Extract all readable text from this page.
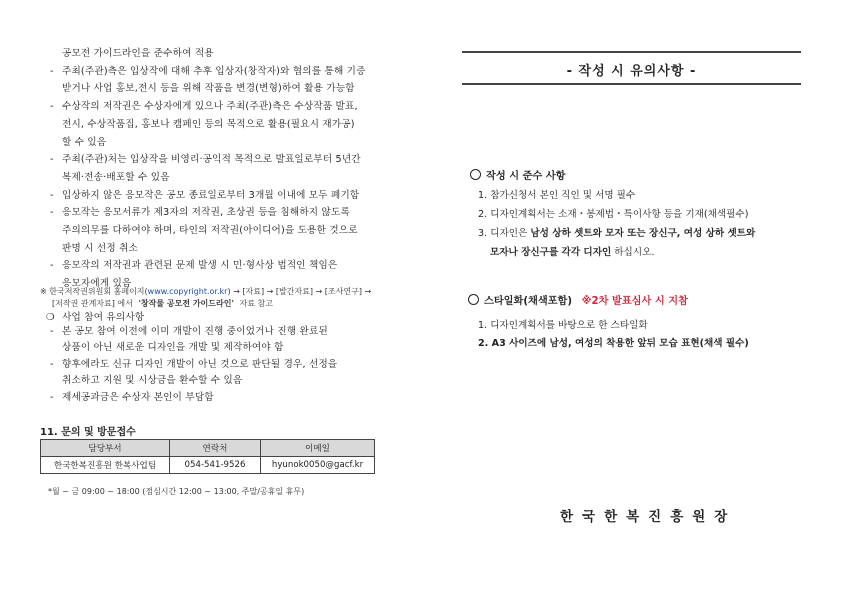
공모전 가이드라인을 준수하여 적용
- 주최(주관)측은 입상작에 대해 추후 입상자(창작자)와 협의를 통해 기증
받거나 사업 홍보,전시 등을 위해 작품을 변경(변형)하여 활용 가능함
- 수상작의 저작권은 수상자에게 있으나 주최(주관)측은 수상작품 발표,
전시, 수상작품집, 홍보나 캠페인 등의 목적으로 활용(필요시 재가공)
할 수 있음
- 주최(주관)처는 입상작을 비영리·공익적 목적으로 발표일로부터 5년간
복제·전송·배포할 수 있음
- 입상하지 않은 응모작은 공모 종료일로부터 3개월 이내에 모두 폐기함
- 응모작는 응모서류가 제3자의 저작권, 초상권 등을 침해하지 않도록
주의의무를 다하여야 하며, 타인의 저작권(아이디어)을 도용한 것으로
판명 시 선정 취소
- 응모작의 저작권과 관련된 문제 발생 시 민·형사상 법적인 책임은
응모자에게 있음
※ 한국저작권위원회 홈페이지(www.copyright.or.kr) → [자료] → [발간자료] → [조사연구] →
[저작권 관계자료] 에서 '창작물 공모전 가이드라인' 자료 참고
❍ 사업 참여 유의사항
- 본 공모 참여 이전에 이미 개발이 진행 중이었거나 진행 완료된
상품이 아닌 새로운 디자인을 개발 및 제작하여야 함
- 향후에라도 신규 디자인 개발이 아닌 것으로 판단될 경우, 선정을
취소하고 지원 및 시상금을 환수할 수 있음
- 제세공과금은 수상자 본인이 부담함
11. 문의 및 방문접수
담당부서	연락처	이메일
한국한복진흥원 한복사업팀	054-541-9526	hyunok0050@gacf.kr
*월 ~ 금 09:00 ~ 18:00 (점심시간 12:00 ~ 13:00, 주말/공휴일 휴무)
- 작성 시 유의사항 -
작성 시 준수 사항
1. 참가신청서 본인 직인 및 서명 필수
2. 디자인계획서는 소재・봉제법・특이사항 등을 기재(채색필수)
3. 디자인은 남성 상하 셋트와 모자 또는 장신구, 여성 상하 셋트와
모자나 장신구를 각각 디자인 하십시오.
스타일화(채색포함) ※2차 발표심사 시 지참
1. 디자인계획서를 바탕으로 한 스타일화
2. A3 사이즈에 남성, 여성의 착용한 앞뒤 모습 표현(채색 필수)
한국한복진흥원장
